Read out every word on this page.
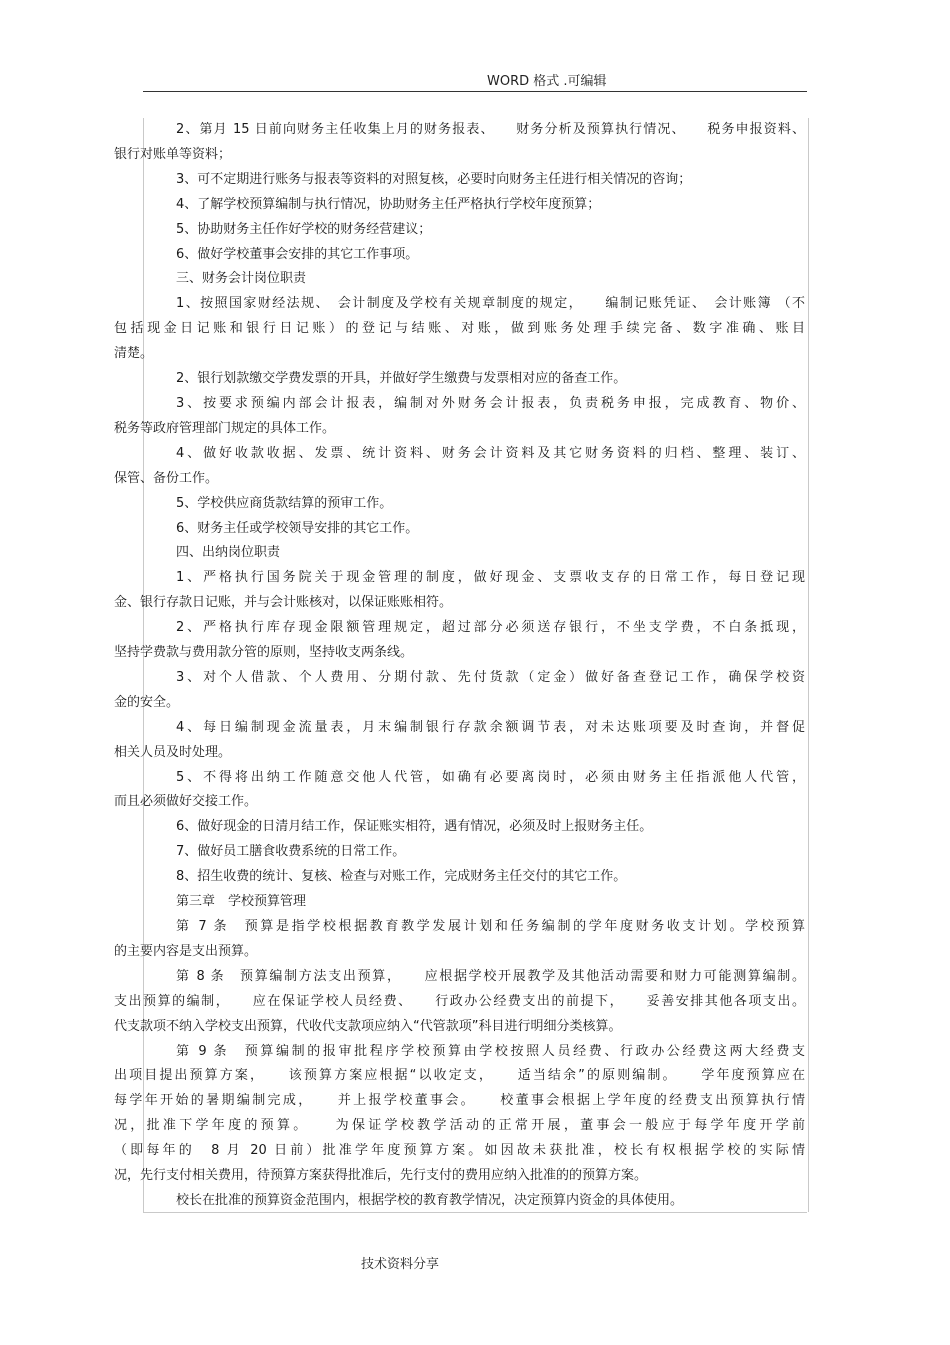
WORD 格式 .可编辑

2、第月 15 日前向财务主任收集上月的财务报表、　　财务分析及预算执行情况、　　税务申报资料、
银行对账单等资料；

3、可不定期进行账务与报表等资料的对照复核，必要时向财务主任进行相关情况的咨询；

4、了解学校预算编制与执行情况，协助财务主任严格执行学校年度预算；

5、协助财务主任作好学校的财务经营建议；

6、做好学校董事会安排的其它工作事项。

三、财务会计岗位职责

1、按照国家财经法规、　会计制度及学校有关规章制度的规定，　　编制记账凭证、　会计账簿 （不
包括现金日记账和银行日记账）的登记与结账、对账，做到账务处理手续完备、数字准确、账目
清楚。

2、银行划款缴交学费发票的开具，并做好学生缴费与发票相对应的备查工作。

3、按要求预编内部会计报表，编制对外财务会计报表，负责税务申报，完成教育、物价、
税务等政府管理部门规定的具体工作。

4、做好收款收据、发票、统计资料、财务会计资料及其它财务资料的归档、整理、装订、
保管、备份工作。

5、学校供应商货款结算的预审工作。

6、财务主任或学校领导安排的其它工作。

四、出纳岗位职责

1、严格执行国务院关于现金管理的制度，做好现金、支票收支存的日常工作，每日登记现
金、银行存款日记账，并与会计账核对，以保证账账相符。

2、严格执行库存现金限额管理规定，超过部分必须送存银行，不坐支学费，不白条抵现，
坚持学费款与费用款分管的原则，坚持收支两条线。

3、对个人借款、个人费用、分期付款、先付货款（定金）做好备查登记工作，确保学校资
金的安全。

4、每日编制现金流量表，月末编制银行存款余额调节表，对未达账项要及时查询，并督促
相关人员及时处理。

5、不得将出纳工作随意交他人代管，如确有必要离岗时，必须由财务主任指派他人代管，
而且必须做好交接工作。

6、做好现金的日清月结工作，保证账实相符，遇有情况，必须及时上报财务主任。

7、做好员工膳食收费系统的日常工作。

8、招生收费的统计、复核、检查与对账工作，完成财务主任交付的其它工作。

第三章　学校预算管理

第 7 条　预算是指学校根据教育教学发展计划和任务编制的学年度财务收支计划。学校预算
的主要内容是支出预算。

第 8 条　预算编制方法支出预算，　　应根据学校开展教学及其他活动需要和财力可能测算编制。
支出预算的编制，　　应在保证学校人员经费、　　行政办公经费支出的前提下，　　妥善安排其他各项支出。
代支款项不纳入学校支出预算，代收代支款项应纳入“代管款项”科目进行明细分类核算。

第 9 条　预算编制的报审批程序学校预算由学校按照人员经费、行政办公经费这两大经费支
出项目提出预算方案，　　该预算方案应根据“以收定支，　　适当结余”的原则编制。　　学年度预算应在
每学年开始的暑期编制完成，　　并上报学校董事会。　　校董事会根据上学年度的经费支出预算执行情
况，批准下学年度的预算。　　为保证学校教学活动的正常开展，董事会一般应于每学年度开学前
（即每年的　8 月 20 日前）批准学年度预算方案。如因故未获批准，校长有权根据学校的实际情
况，先行支付相关费用，待预算方案获得批准后，先行支付的费用应纳入批准的的预算方案。

校长在批准的预算资金范围内，根据学校的教育教学情况，决定预算内资金的具体使用。

技术资料分享
